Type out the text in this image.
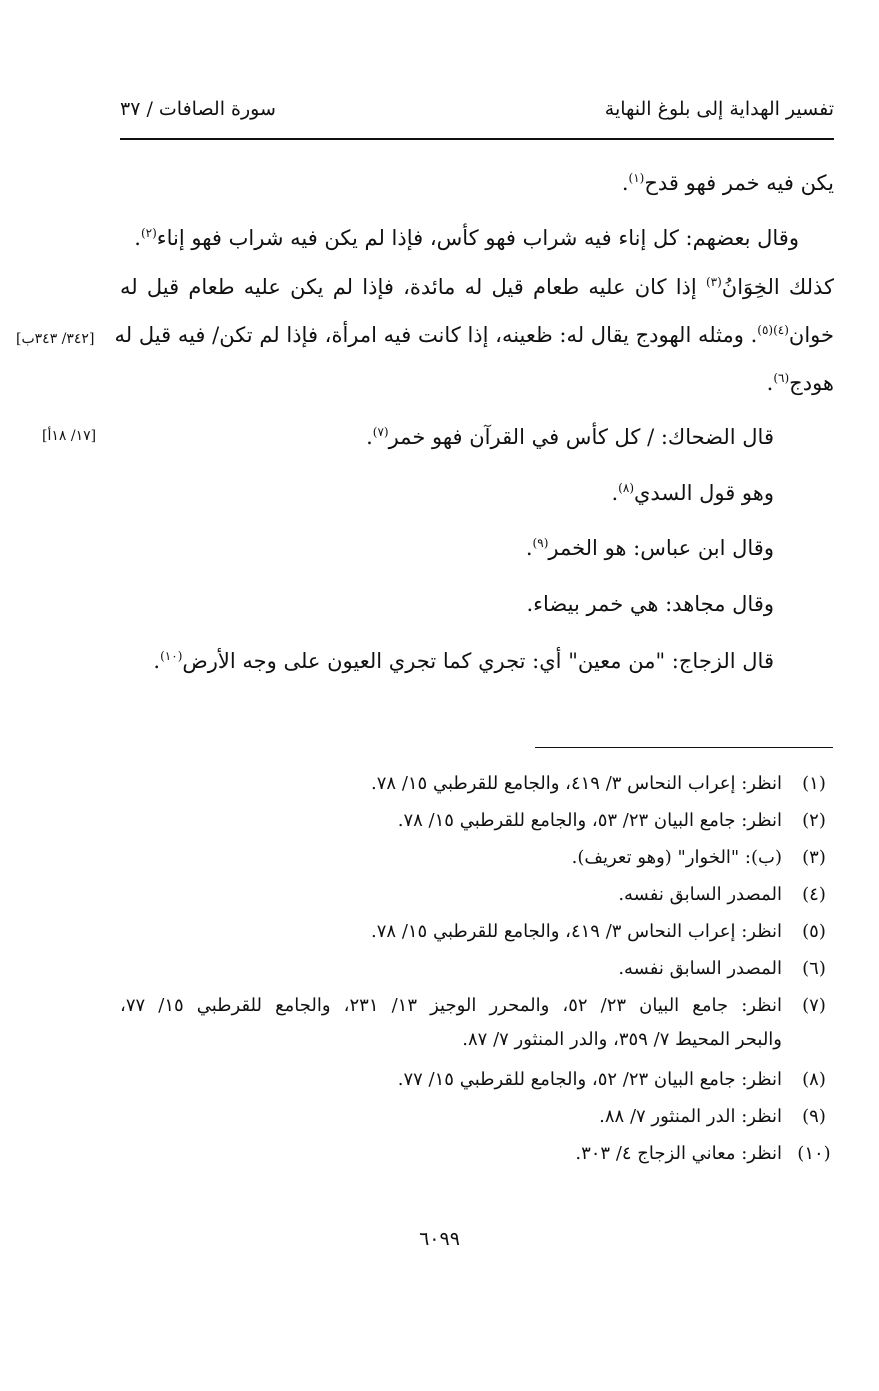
تفسير الهداية إلى بلوغ النهاية
سورة الصافات / ٣٧
يكن فيه خمر فهو قدح$^{(١)}$.
وقال بعضهم: كل إناء فيه شراب فهو كأس، فإذا لم يكن فيه شراب فهو إناء$^{(٢)}$.
كذلك الخِوَانُ$^{(٣)}$ إذا كان عليه طعام قيل له مائدة، فإذا لم يكن عليه طعام قيل له
خوان$^{(٤)(٥)}$. ومثله الهودج يقال له: ظعينه، إذا كانت فيه امرأة، فإذا لم تكن/ فيه قيل له
هودج$^{(٦)}$.
قال الضحاك: / كل كأس في القرآن فهو خمر$^{(٧)}$.
وهو قول السدي$^{(٨)}$.
وقال ابن عباس: هو الخمر$^{(٩)}$.
وقال مجاهد: هي خمر بيضاء.
قال الزجاج: "من معين" أي: تجري كما تجري العيون على وجه الأرض$^{(١٠)}$.
[٣٤٢/ ٣٤٣ب]
[١٧/ ١٨أ]
(١)
انظر: إعراب النحاس ٣/ ٤١٩، والجامع للقرطبي ١٥/ ٧٨.
(٢)
انظر: جامع البيان ٢٣/ ٥٣، والجامع للقرطبي ١٥/ ٧٨.
(٣)
(ب): "الخوار" (وهو تعريف).
(٤)
المصدر السابق نفسه.
(٥)
انظر: إعراب النحاس ٣/ ٤١٩، والجامع للقرطبي ١٥/ ٧٨.
(٦)
المصدر السابق نفسه.
(٧)
انظر: جامع البيان ٢٣/ ٥٢، والمحرر الوجيز ١٣/ ٢٣١، والجامع للقرطبي ١٥/ ٧٧،
والبحر المحيط ٧/ ٣٥٩، والدر المنثور ٧/ ٨٧.
(٨)
انظر: جامع البيان ٢٣/ ٥٢، والجامع للقرطبي ١٥/ ٧٧.
(٩)
انظر: الدر المنثور ٧/ ٨٨.
(١٠)
انظر: معاني الزجاج ٤/ ٣٠٣.
٦٠٩٩
